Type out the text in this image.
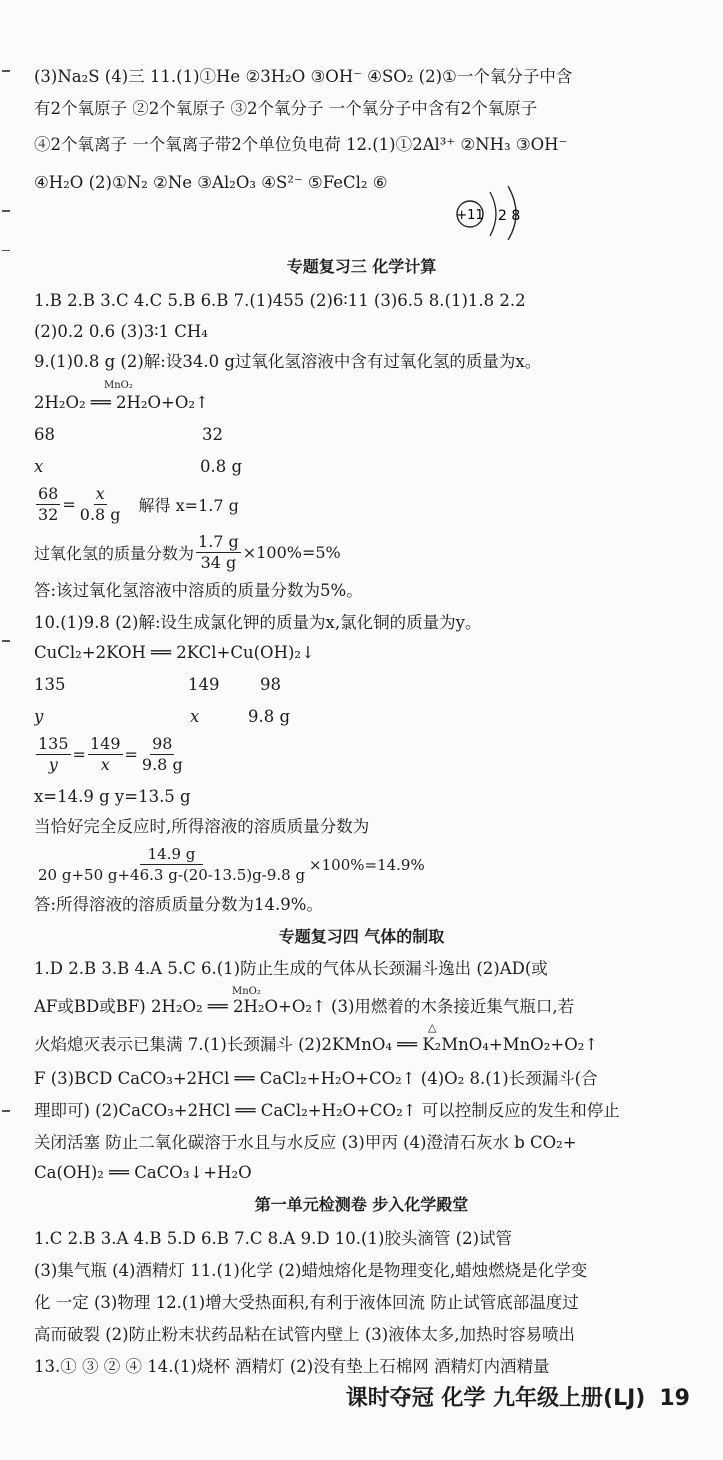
(3)Na₂S (4)三 11.(1)①He ②3H₂O ③OH⁻ ④SO₂ (2)①一个氧分子中含
有2个氧原子 ②2个氧原子 ③2个氧分子 一个氧分子中含有2个氧原子
④2个氧离子 一个氧离子带2个单位负电荷 12.(1)①2Al³⁺ ②NH₃ ③OH⁻
④H₂O (2)①N₂ ②Ne ③Al₂O₃ ④S²⁻ ⑤FeCl₂ ⑥
+11 2 8
专题复习三 化学计算
1.B 2.B 3.C 4.C 5.B 6.B 7.(1)455 (2)6∶11 (3)6.5 8.(1)1.8 2.2
(2)0.2 0.6 (3)3∶1 CH₄
9.(1)0.8 g (2)解:设34.0 g过氧化氢溶液中含有过氧化氢的质量为x。
MnO₂
2H₂O₂ ══ 2H₂O+O₂↑
68	32
x	0.8 g
$\frac{68}{32} = \frac{x}{0.8 g}$ 解得 x=1.7 g
过氧化氢的质量分数为 $\frac{1.7 g}{34 g} \times 100\%=5\%$
答:该过氧化氢溶液中溶质的质量分数为5%。
10.(1)9.8 (2)解:设生成氯化钾的质量为x,氯化铜的质量为y。
CuCl₂+2KOH ══ 2KCl+Cu(OH)₂↓
135	149	98
y	x	9.8 g
$\frac{135}{y} = \frac{149}{x} = \frac{98}{9.8 g}$
x=14.9 g y=13.5 g
当恰好完全反应时,所得溶液的溶质质量分数为
$\frac{14.9 g}{20 g+50 g+46.3 g-(20-13.5)g-9.8 g} \times 100\%=14.9\%$
答:所得溶液的溶质质量分数为14.9%。
专题复习四 气体的制取
1.D 2.B 3.B 4.A 5.C 6.(1)防止生成的气体从长颈漏斗逸出 (2)AD(或
MnO₂
AF或BD或BF) 2H₂O₂ ══ 2H₂O+O₂↑ (3)用燃着的木条接近集气瓶口,若
△
火焰熄灭表示已集满 7.(1)长颈漏斗 (2)2KMnO₄ ══ K₂MnO₄+MnO₂+O₂↑
F (3)BCD CaCO₃+2HCl ══ CaCl₂+H₂O+CO₂↑ (4)O₂ 8.(1)长颈漏斗(合
理即可) (2)CaCO₃+2HCl ══ CaCl₂+H₂O+CO₂↑ 可以控制反应的发生和停止
关闭活塞 防止二氧化碳溶于水且与水反应 (3)甲丙 (4)澄清石灰水 b CO₂+
Ca(OH)₂ ══ CaCO₃↓+H₂O
第一单元检测卷 步入化学殿堂
1.C 2.B 3.A 4.B 5.D 6.B 7.C 8.A 9.D 10.(1)胶头滴管 (2)试管
(3)集气瓶 (4)酒精灯 11.(1)化学 (2)蜡烛熔化是物理变化,蜡烛燃烧是化学变
化 一定 (3)物理 12.(1)增大受热面积,有利于液体回流 防止试管底部温度过
高而破裂 (2)防止粉末状药品粘在试管内壁上 (3)液体太多,加热时容易喷出
13.① ③ ② ④ 14.(1)烧杯 酒精灯 (2)没有垫上石棉网 酒精灯内酒精量
课时夺冠 化学 九年级上册(LJ) 19
